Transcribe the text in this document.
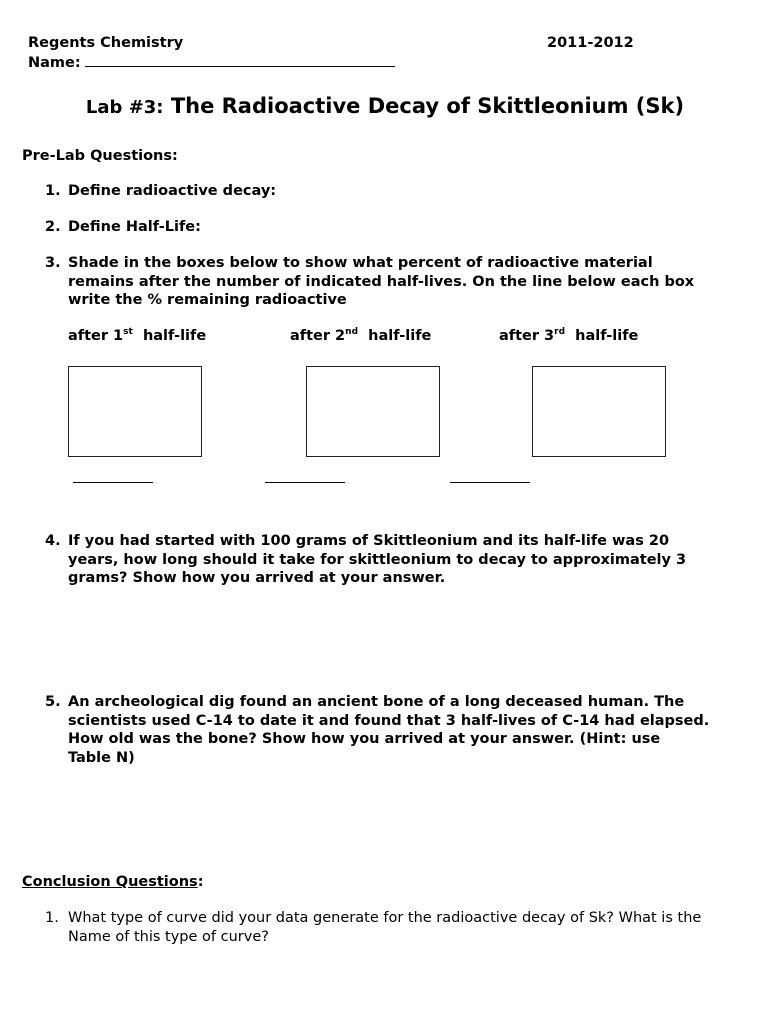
Regents Chemistry	2011-2012
Name:
Lab #3: The Radioactive Decay of Skittleonium (Sk)
Pre-Lab Questions:
1. Define radioactive decay:
2. Define Half-Life:
3. Shade in the boxes below to show what percent of radioactive material
remains after the number of indicated half-lives. On the line below each box
write the % remaining radioactive
after 1st half-life	after 2nd half-life	after 3rd half-life
4. If you had started with 100 grams of Skittleonium and its half-life was 20
years, how long should it take for skittleonium to decay to approximately 3
grams? Show how you arrived at your answer.
5. An archeological dig found an ancient bone of a long deceased human. The
scientists used C-14 to date it and found that 3 half-lives of C-14 had elapsed.
How old was the bone? Show how you arrived at your answer. (Hint: use
Table N)
Conclusion Questions:
1. What type of curve did your data generate for the radioactive decay of Sk? What is the
Name of this type of curve?
